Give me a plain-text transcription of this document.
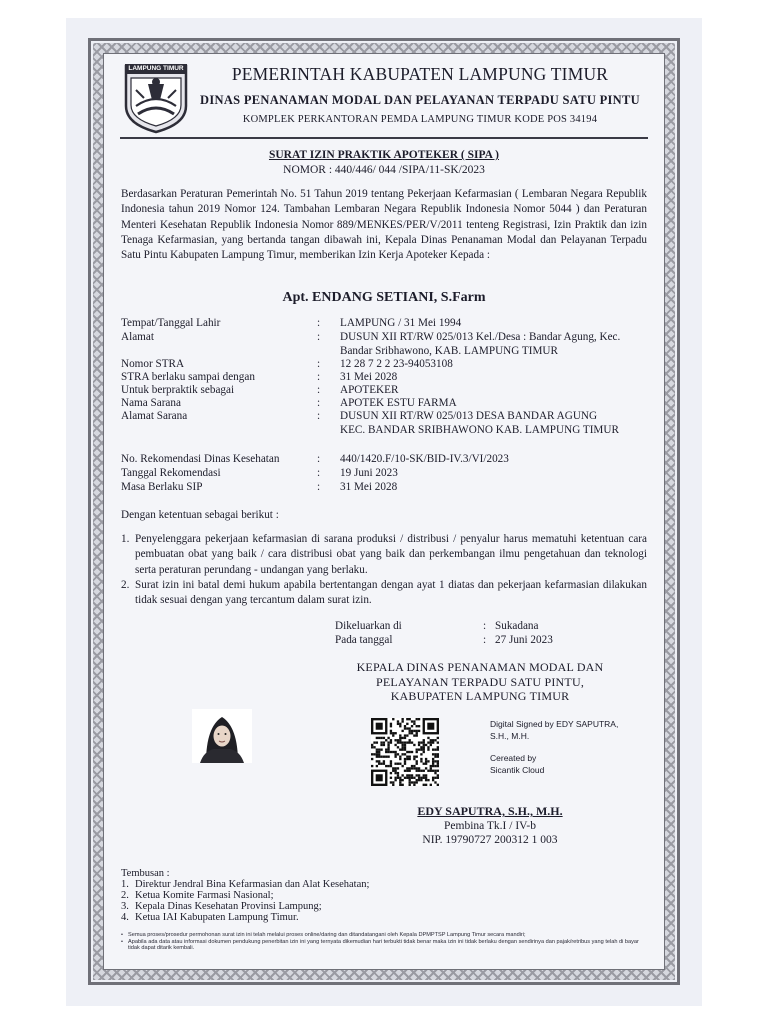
LAMPUNG TIMUR	PEMERINTAH KABUPATEN LAMPUNG TIMUR
DINAS PENANAMAN MODAL DAN PELAYANAN TERPADU SATU PINTU
KOMPLEK PERKANTORAN PEMDA LAMPUNG TIMUR KODE POS 34194
SURAT IZIN PRAKTIK APOTEKER ( SIPA )
NOMOR : 440/446/ 044 /SIPA/11-SK/2023
Berdasarkan Peraturan Pemerintah No. 51 Tahun 2019 tentang Pekerjaan Kefarmasian ( Lembaran Negara Republik Indonesia tahun 2019 Nomor 124. Tambahan Lembaran Negara Republik Indonesia Nomor 5044 ) dan Peraturan Menteri Kesehatan Republik Indonesia Nomor 889/MENKES/PER/V/2011 tenteng Registrasi, Izin Praktik dan izin Tenaga Kefarmasian, yang bertanda tangan dibawah ini, Kepala Dinas Penanaman Modal dan Pelayanan Terpadu Satu Pintu Kabupaten Lampung Timur, memberikan Izin Kerja Apoteker Kepada :
Apt. ENDANG SETIANI, S.Farm
Tempat/Tanggal Lahir	:	LAMPUNG / 31 Mei 1994
Alamat	:	DUSUN XII RT/RW 025/013 Kel./Desa : Bandar Agung, Kec. Bandar Sribhawono, KAB. LAMPUNG TIMUR
Nomor STRA	:	12 28 7 2 2 23-94053108
STRA berlaku sampai dengan	:	31 Mei 2028
Untuk berpraktik sebagai	:	APOTEKER
Nama Sarana	:	APOTEK ESTU FARMA
Alamat Sarana	:	DUSUN XII RT/RW 025/013 DESA BANDAR AGUNG KEC. BANDAR SRIBHAWONO KAB. LAMPUNG TIMUR
No. Rekomendasi Dinas Kesehatan	:	440/1420.F/10-SK/BID-IV.3/VI/2023
Tanggal Rekomendasi	:	19 Juni 2023
Masa Berlaku SIP	:	31 Mei 2028
Dengan ketentuan sebagai berikut :
1. Penyelenggara pekerjaan kefarmasian di sarana produksi / distribusi / penyalur harus mematuhi ketentuan cara pembuatan obat yang baik / cara distribusi obat yang baik dan perkembangan ilmu pengetahuan dan teknologi serta peraturan perundang - undangan yang berlaku.
2. Surat izin ini batal demi hukum apabila bertentangan dengan ayat 1 diatas dan pekerjaan kefarmasian dilakukan tidak sesuai dengan yang tercantum dalam surat izin.
Dikeluarkan di	: Sukadana
Pada tanggal	: 27 Juni 2023
KEPALA DINAS PENANAMAN MODAL DAN
PELAYANAN TERPADU SATU PINTU,
KABUPATEN LAMPUNG TIMUR
Digital Signed by EDY SAPUTRA,
S.H., M.H.
Cereated by
Sicantik Cloud
EDY SAPUTRA, S.H., M.H.
Pembina Tk.I / IV-b
NIP. 19790727 200312 1 003
Tembusan :
1. Direktur Jendral Bina Kefarmasian dan Alat Kesehatan;
2. Ketua Komite Farmasi Nasional;
3. Kepala Dinas Kesehatan Provinsi Lampung;
4. Ketua IAI Kabupaten Lampung Timur.
• Semua proses/prosedur permohonan surat izin ini telah melalui proses online/daring dan ditandatangani oleh Kepala DPMPTSP Lampung Timur secara mandiri;
• Apabila ada data atau informasi dokumen pendukung penerbitan izin ini yang ternyata dikemudian hari terbukti tidak benar maka izin ini tidak berlaku dengan sendirinya dan pajak/retribus yang telah di bayar tidak dapat ditarik kembali.
